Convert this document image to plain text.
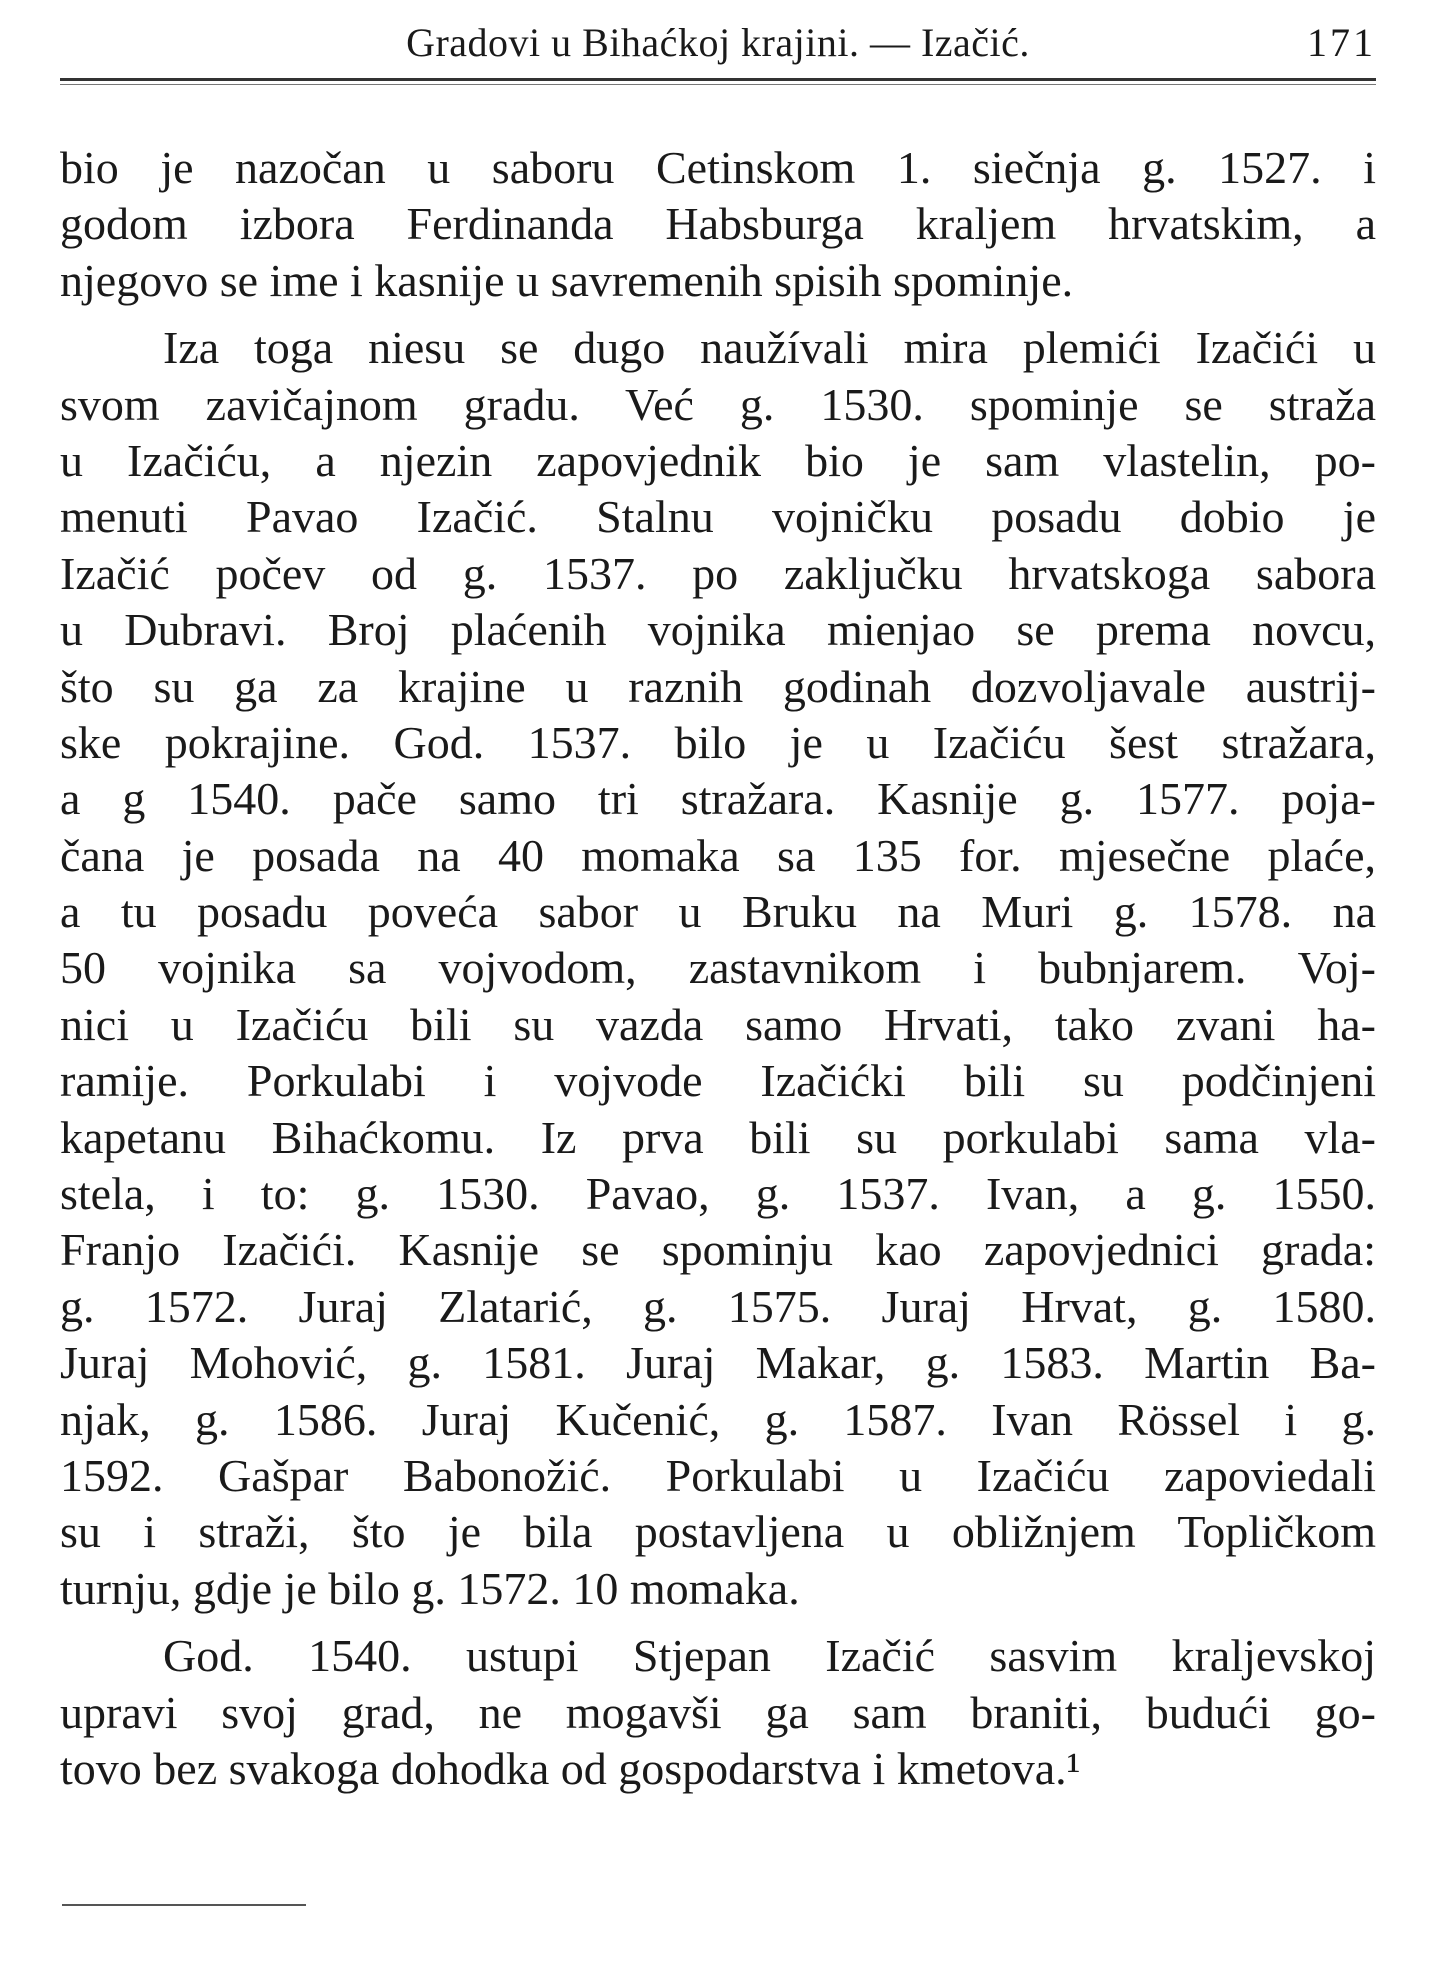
Gradovi u Bihaćkoj krajini. — Izačić.	171
bio je nazočan u saboru Cetinskom 1. siečnja g. 1527. i
godom izbora Ferdinanda Habsburga kraljem hrvatskim, a
njegovo se ime i kasnije u savremenih spisih spominje.
Iza toga niesu se dugo naužívali mira plemići Izačići u
svom zavičajnom gradu. Već g. 1530. spominje se straža
u Izačiću, a njezin zapovjednik bio je sam vlastelin, po-
menuti Pavao Izačić. Stalnu vojničku posadu dobio je
Izačić počev od g. 1537. po zaključku hrvatskoga sabora
u Dubravi. Broj plaćenih vojnika mienjao se prema novcu,
što su ga za krajine u raznih godinah dozvoljavale austrij-
ske pokrajine. God. 1537. bilo je u Izačiću šest stražara,
a g 1540. pače samo tri stražara. Kasnije g. 1577. poja-
čana je posada na 40 momaka sa 135 for. mjesečne plaće,
a tu posadu poveća sabor u Bruku na Muri g. 1578. na
50 vojnika sa vojvodom, zastavnikom i bubnjarem. Voj-
nici u Izačiću bili su vazda samo Hrvati, tako zvani ha-
ramije. Porkulabi i vojvode Izačićki bili su podčinjeni
kapetanu Bihaćkomu. Iz prva bili su porkulabi sama vla-
stela, i to: g. 1530. Pavao, g. 1537. Ivan, a g. 1550.
Franjo Izačići. Kasnije se spominju kao zapovjednici grada:
g. 1572. Juraj Zlatarić, g. 1575. Juraj Hrvat, g. 1580.
Juraj Mohović, g. 1581. Juraj Makar, g. 1583. Martin Ba-
njak, g. 1586. Juraj Kučenić, g. 1587. Ivan Rössel i g.
1592. Gašpar Babonožić. Porkulabi u Izačiću zapoviedali
su i straži, što je bila postavljena u obližnjem Topličkom
turnju, gdje je bilo g. 1572. 10 momaka.
God. 1540. ustupi Stjepan Izačić sasvim kraljevskoj
upravi svoj grad, ne mogavši ga sam braniti, budući go-
tovo bez svakoga dohodka od gospodarstva i kmetova.¹
